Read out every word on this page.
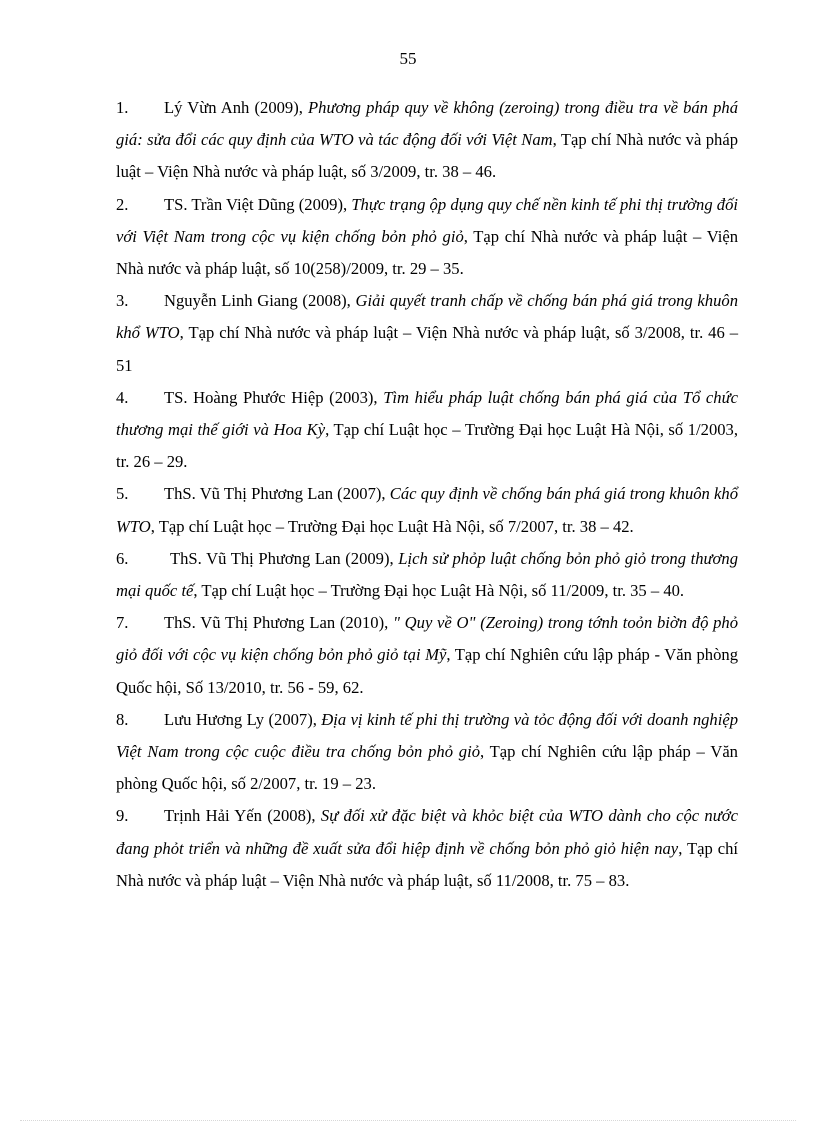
55
1. Lý Vừn Anh (2009), Phương pháp quy về không (zeroing) trong điều tra về bán phá giá: sửa đổi các quy định của WTO và tác động đối với Việt Nam, Tạp chí Nhà nước và pháp luật – Viện Nhà nước và pháp luật, số 3/2009, tr. 38 – 46.
2. TS. Trần Việt Dũng (2009), Thực trạng ộp dụng quy chế nền kinh tế phi thị trường đối với Việt Nam trong cộc vụ kiện chống bỏn phỏ giỏ, Tạp chí Nhà nước và pháp luật – Viện Nhà nước và pháp luật, số 10(258)/2009, tr. 29 – 35.
3. Nguyễn Linh Giang (2008), Giải quyết tranh chấp về chống bán phá giá trong khuôn khổ WTO, Tạp chí Nhà nước và pháp luật – Viện Nhà nước và pháp luật, số 3/2008, tr. 46 – 51
4. TS. Hoàng Phước Hiệp (2003), Tìm hiểu pháp luật chống bán phá giá của Tổ chức thương mại thế giới và Hoa Kỳ, Tạp chí Luật học – Trường Đại học Luật Hà Nội, số 1/2003, tr. 26 – 29.
5. ThS. Vũ Thị Phương Lan (2007), Các quy định về chống bán phá giá trong khuôn khổ WTO, Tạp chí Luật học – Trường Đại học Luật Hà Nội, số 7/2007, tr. 38 – 42.
6.	ThS. Vũ Thị Phương Lan (2009), Lịch sử phỏp luật chống bỏn phỏ giỏ trong thương mại quốc tế, Tạp chí Luật học – Trường Đại học Luật Hà Nội, số 11/2009, tr. 35 – 40.
7. ThS. Vũ Thị Phương Lan (2010), " Quy về O" (Zeroing) trong tớnh toỏn biờn độ phỏ giỏ đối với cộc vụ kiện chống bỏn phỏ giỏ tại Mỹ, Tạp chí Nghiên cứu lập pháp - Văn phòng Quốc hội, Số 13/2010, tr. 56 - 59, 62.
8. Lưu Hương Ly (2007), Địa vị kinh tế phi thị trường và tỏc động đối với doanh nghiệp Việt Nam trong cộc cuộc điều tra chống bỏn phỏ giỏ, Tạp chí Nghiên cứu lập pháp – Văn phòng Quốc hội, số 2/2007, tr. 19 – 23.
9. Trịnh Hải Yến (2008), Sự đối xử đặc biệt và khỏc biệt của WTO dành cho cộc nước đang phỏt triển và những đề xuất sửa đổi hiệp định về chống bỏn phỏ giỏ hiện nay, Tạp chí Nhà nước và pháp luật – Viện Nhà nước và pháp luật, số 11/2008, tr. 75 – 83.
